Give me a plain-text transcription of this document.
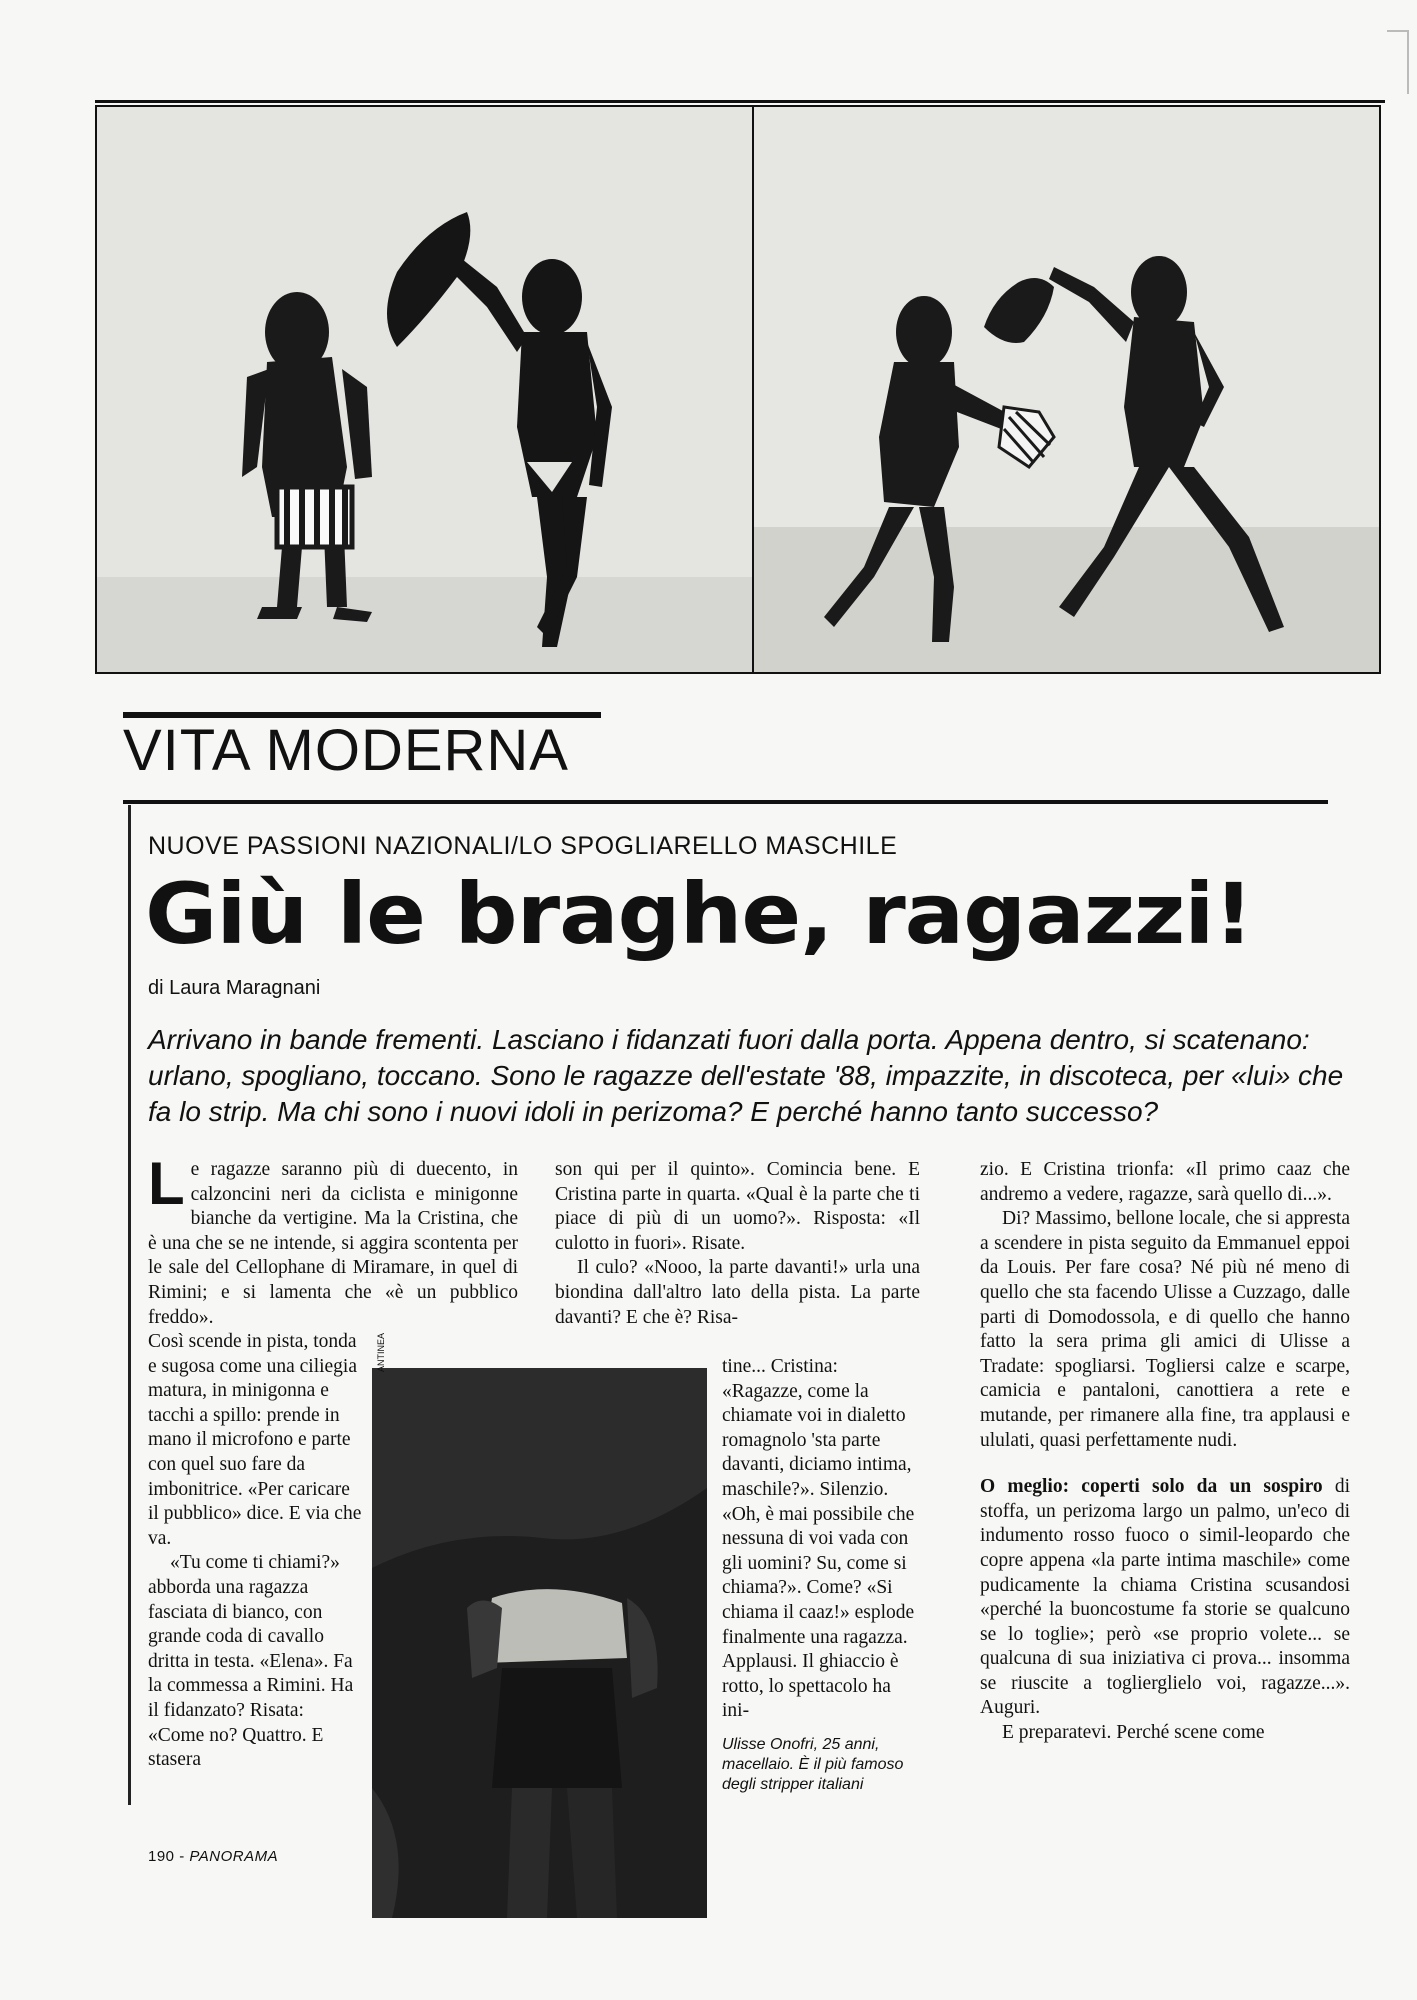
VITA MODERNA
NUOVE PASSIONI NAZIONALI/LO SPOGLIARELLO MASCHILE
Giù le braghe, ragazzi!
di Laura Maragnani
Arrivano in bande frementi. Lasciano i fidanzati fuori dalla porta. Appena dentro, si scatenano: urlano, spogliano, toccano. Sono le ragazze dell'estate '88, impazzite, in discoteca, per «lui» che fa lo strip. Ma chi sono i nuovi idoli in perizoma? E perché hanno tanto successo?

Le ragazze saranno più di duecento, in calzoncini neri da ciclista e minigonne bianche da vertigine. Ma la Cristina, che è una che se ne intende, si aggira scontenta per le sale del Cellophane di Miramare, in quel di Rimini; e si lamenta che «è un pubblico freddo».

Così scende in pista, tonda e sugosa come una ciliegia matura, in minigonna e tacchi a spillo: prende in mano il microfono e parte con quel suo fare da imbonitrice. «Per caricare il pubblico» dice. E via che va.

«Tu come ti chiami?» abborda una ragazza fasciata di bianco, con grande coda di cavallo dritta in testa. «Elena». Fa la commessa a Rimini. Ha il fidanzato? Risata: «Come no? Quattro. E stasera

ANTINEA

son qui per il quinto». Comincia bene. E Cristina parte in quarta. «Qual è la parte che ti piace di più di un uomo?». Risposta: «Il culotto in fuori». Risate.

Il culo? «Nooo, la parte davanti!» urla una biondina dall'altro lato della pista. La parte davanti? E che è? Risa-

tine... Cristina: «Ragazze, come la chiamate voi in dialetto romagnolo 'sta parte davanti, diciamo intima, maschile?». Silenzio. «Oh, è mai possibile che nessuna di voi vada con gli uomini? Su, come si chiama?». Come? «Si chiama il caaz!» esplode finalmente una ragazza. Applausi. Il ghiaccio è rotto, lo spettacolo ha ini-

Ulisse Onofri, 25 anni, macellaio. È il più famoso degli stripper italiani

zio. E Cristina trionfa: «Il primo caaz che andremo a vedere, ragazze, sarà quello di...».

Di? Massimo, bellone locale, che si appresta a scendere in pista seguito da Emmanuel eppoi da Louis. Per fare cosa? Né più né meno di quello che sta facendo Ulisse a Cuzzago, dalle parti di Domodossola, e di quello che hanno fatto la sera prima gli amici di Ulisse a Tradate: spogliarsi. Togliersi calze e scarpe, camicia e pantaloni, canottiera a rete e mutande, per rimanere alla fine, tra applausi e ululati, quasi perfettamente nudi.

O meglio: coperti solo da un sospiro di stoffa, un perizoma largo un palmo, un'eco di indumento rosso fuoco o simil-leopardo che copre appena «la parte intima maschile» come pudicamente la chiama Cristina scusandosi «perché la buoncostume fa storie se qualcuno se lo toglie»; però «se proprio volete... se qualcuna di sua iniziativa ci prova... insomma se riuscite a toglierglielo voi, ragazze...». Auguri.

E preparatevi. Perché scene come

190 - PANORAMA
